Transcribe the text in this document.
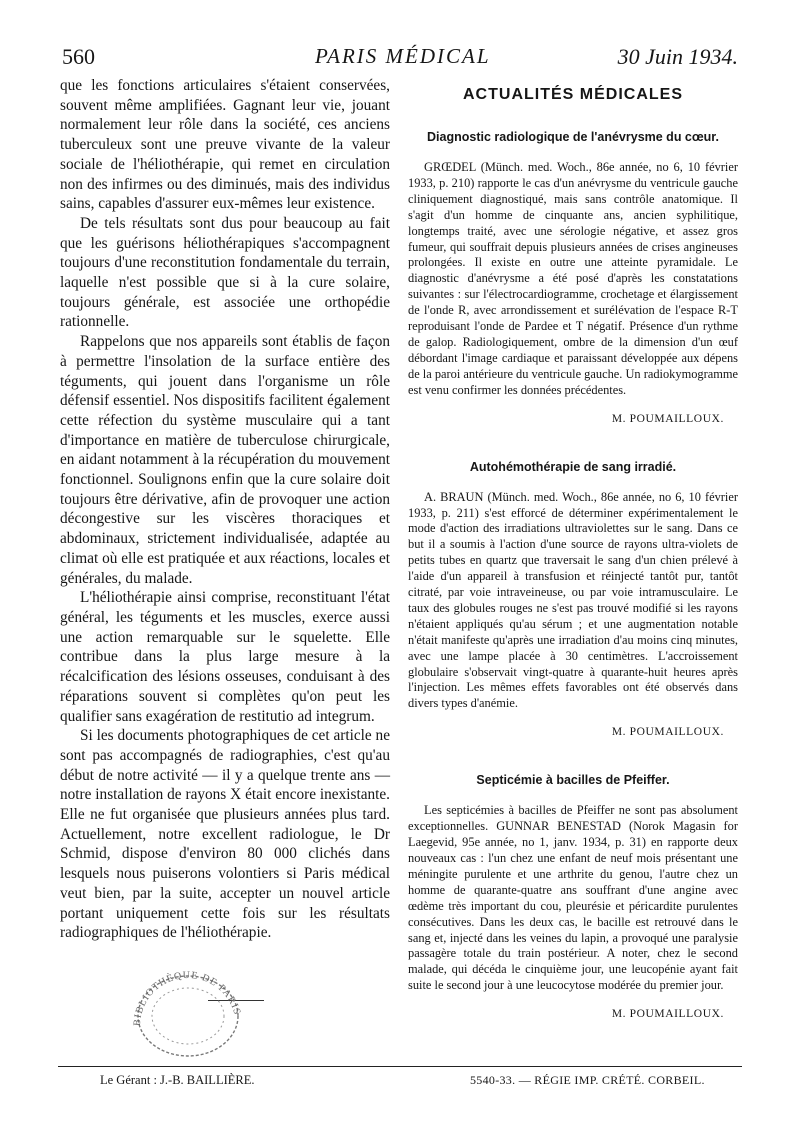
560	PARIS MÉDICAL	30 Juin 1934.

que les fonctions articulaires s'étaient conservées, souvent même amplifiées. Gagnant leur vie, jouant normalement leur rôle dans la société, ces anciens tuberculeux sont une preuve vivante de la valeur sociale de l'héliothérapie, qui remet en circulation non des infirmes ou des diminués, mais des individus sains, capables d'assurer eux-mêmes leur existence.

De tels résultats sont dus pour beaucoup au fait que les guérisons héliothérapiques s'accompagnent toujours d'une reconstitution fondamentale du terrain, laquelle n'est possible que si à la cure solaire, toujours générale, est associée une orthopédie rationnelle.

Rappelons que nos appareils sont établis de façon à permettre l'insolation de la surface entière des téguments, qui jouent dans l'organisme un rôle défensif essentiel. Nos dispositifs facilitent également cette réfection du système musculaire qui a tant d'importance en matière de tuberculose chirurgicale, en aidant notamment à la récupération du mouvement fonctionnel. Soulignons enfin que la cure solaire doit toujours être dérivative, afin de provoquer une action décongestive sur les viscères thoraciques et abdominaux, strictement individualisée, adaptée au climat où elle est pratiquée et aux réactions, locales et générales, du malade.

L'héliothérapie ainsi comprise, reconstituant l'état général, les téguments et les muscles, exerce aussi une action remarquable sur le squelette. Elle contribue dans la plus large mesure à la récalcification des lésions osseuses, conduisant à des réparations souvent si complètes qu'on peut les qualifier sans exagération de restitutio ad integrum.

Si les documents photographiques de cet article ne sont pas accompagnés de radiographies, c'est qu'au début de notre activité — il y a quelque trente ans — notre installation de rayons X était encore inexistante. Elle ne fut organisée que plusieurs années plus tard. Actuellement, notre excellent radiologue, le Dr Schmid, dispose d'environ 80 000 clichés dans lesquels nous puiserons volontiers si Paris médical veut bien, par la suite, accepter un nouvel article portant uniquement cette fois sur les résultats radiographiques de l'héliothérapie.

BIBLIOTHÈQUE DE PARIS
ACTUALITÉS MÉDICALES
Diagnostic radiologique de l'anévrysme du cœur.

GRŒDEL (Münch. med. Woch., 86e année, no 6, 10 février 1933, p. 210) rapporte le cas d'un anévrysme du ventricule gauche cliniquement diagnostiqué, mais sans contrôle anatomique. Il s'agit d'un homme de cinquante ans, ancien syphilitique, longtemps traité, avec une sérologie négative, et assez gros fumeur, qui souffrait depuis plusieurs années de crises angineuses prolongées. Il existe en outre une atteinte pyramidale. Le diagnostic d'anévrysme a été posé d'après les constatations suivantes : sur l'électrocardiogramme, crochetage et élargissement de l'onde R, avec arrondissement et surélévation de l'espace R-T reproduisant l'onde de Pardee et T négatif. Présence d'un rythme de galop. Radiologiquement, ombre de la dimension d'un œuf débordant l'image cardiaque et paraissant développée aux dépens de la paroi antérieure du ventricule gauche. Un radiokymogramme est venu confirmer les données précédentes.

M. POUMAILLOUX.
Autohémothérapie de sang irradié.

A. BRAUN (Münch. med. Woch., 86e année, no 6, 10 février 1933, p. 211) s'est efforcé de déterminer expérimentalement le mode d'action des irradiations ultraviolettes sur le sang. Dans ce but il a soumis à l'action d'une source de rayons ultra-violets de petits tubes en quartz que traversait le sang d'un chien prélevé à l'aide d'un appareil à transfusion et réinjecté tantôt pur, tantôt citraté, par voie intraveineuse, ou par voie intramusculaire. Le taux des globules rouges ne s'est pas trouvé modifié si les rayons n'étaient appliqués qu'au sérum ; et une augmentation notable n'était manifeste qu'après une irradiation d'au moins cinq minutes, avec une lampe placée à 30 centimètres. L'accroissement globulaire s'observait vingt-quatre à quarante-huit heures après l'injection. Les mêmes effets favorables ont été observés dans divers types d'anémie.

M. POUMAILLOUX.
Septicémie à bacilles de Pfeiffer.

Les septicémies à bacilles de Pfeiffer ne sont pas absolument exceptionnelles. GUNNAR BENESTAD (Norok Magasin for Laegevid, 95e année, no 1, janv. 1934, p. 31) en rapporte deux nouveaux cas : l'un chez une enfant de neuf mois présentant une méningite purulente et une arthrite du genou, l'autre chez un homme de quarante-quatre ans souffrant d'une angine avec œdème très important du cou, pleurésie et péricardite purulentes consécutives. Dans les deux cas, le bacille est retrouvé dans le sang et, injecté dans les veines du lapin, a provoqué une paralysie passagère totale du train postérieur. A noter, chez le second malade, qui décéda le cinquième jour, une leucopénie ayant fait suite le second jour à une leucocytose modérée du premier jour.

M. POUMAILLOUX.
Le Gérant : J.-B. BAILLIÈRE.	5540-33. — RÉGIE IMP. CRÉTÉ. CORBEIL.
